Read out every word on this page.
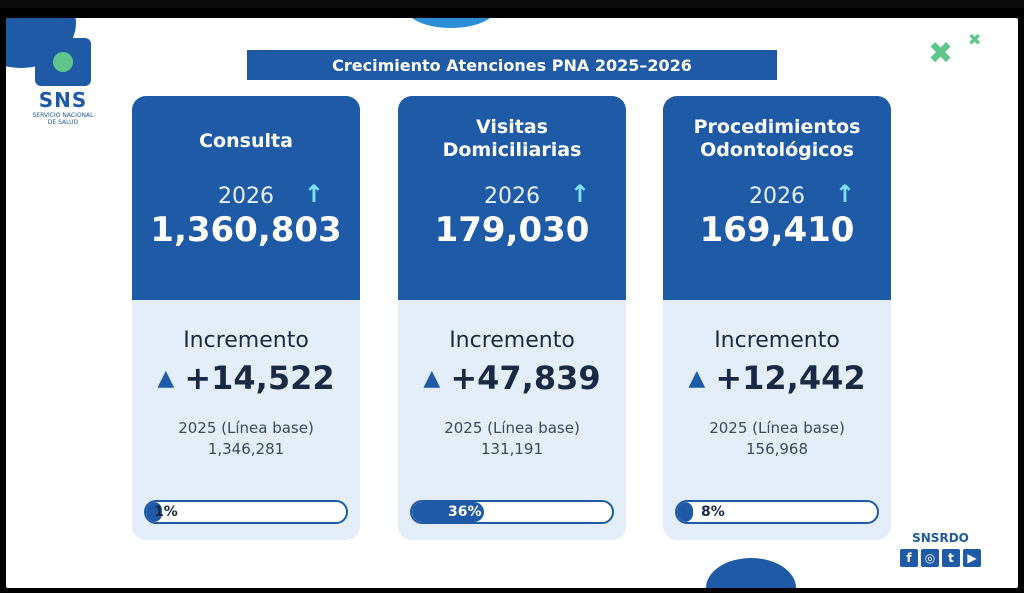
SNS
SERVICIO NACIONAL DE SALUD
✖ ✖
Crecimiento Atenciones PNA 2025–2026
Consulta
2026	↑
1,360,803
Incremento
▲ +14,522
2025 (Línea base)
1,346,281
1%
Visitas Domiciliarias
2026	↑
179,030
Incremento
▲ +47,839
2025 (Línea base)
131,191
36%
Procedimientos Odontológicos
2026	↑
169,410
Incremento
▲ +12,442
2025 (Línea base)
156,968
8%
SNSRDO
f	◎	t	▶
